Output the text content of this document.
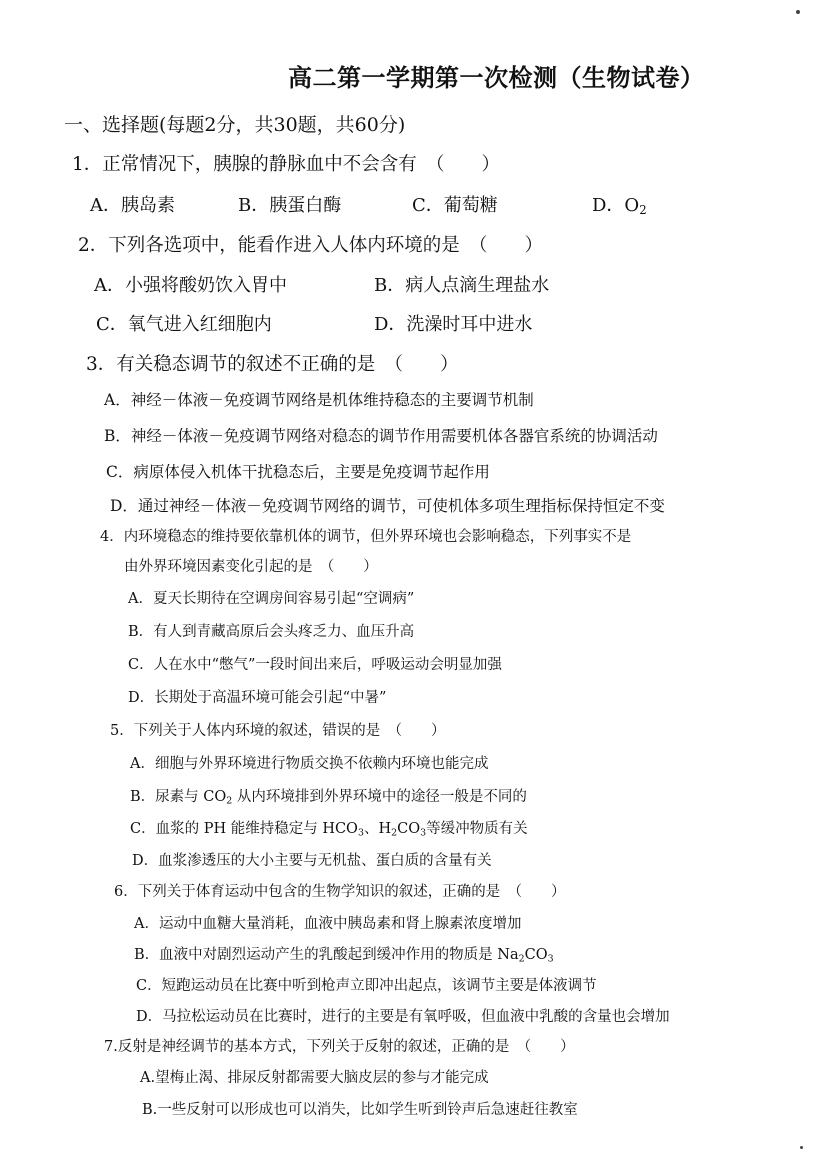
高二第一学期第一次检测（生物试卷）
一、选择题(每题2分，共30题，共60分)
1．正常情况下，胰腺的静脉血中不会含有　（　　）
A．胰岛素	B．胰蛋白酶	C．葡萄糖	D．$O_2$
2．下列各选项中，能看作进入人体内环境的是　（　　）
A．小强将酸奶饮入胃中	B．病人点滴生理盐水
C．氧气进入红细胞内	D．洗澡时耳中进水
3．有关稳态调节的叙述不正确的是　（　　）
A．神经－体液－免疫调节网络是机体维持稳态的主要调节机制
B．神经－体液－免疫调节网络对稳态的调节作用需要机体各器官系统的协调活动
C．病原体侵入机体干扰稳态后，主要是免疫调节起作用
D．通过神经－体液－免疫调节网络的调节，可使机体多项生理指标保持恒定不变
4．内环境稳态的维持要依靠机体的调节，但外界环境也会影响稳态，下列事实不是
由外界环境因素变化引起的是　（　　）
A．夏天长期待在空调房间容易引起“空调病”
B．有人到青藏高原后会头疼乏力、血压升高
C．人在水中“憋气”一段时间出来后，呼吸运动会明显加强
D．长期处于高温环境可能会引起“中暑”
5．下列关于人体内环境的叙述，错误的是　（　　）
A．细胞与外界环境进行物质交换不依赖内环境也能完成
B．尿素与 $CO_2$ 从内环境排到外界环境中的途径一般是不同的
C．血浆的 PH 能维持稳定与 $HCO_3$、$H_2CO_3$等缓冲物质有关
D．血浆渗透压的大小主要与无机盐、蛋白质的含量有关
6．下列关于体育运动中包含的生物学知识的叙述，正确的是　（　　）
A．运动中血糖大量消耗，血液中胰岛素和肾上腺素浓度增加
B．血液中对剧烈运动产生的乳酸起到缓冲作用的物质是 $Na_2CO_3$
C．短跑运动员在比赛中听到枪声立即冲出起点，该调节主要是体液调节
D．马拉松运动员在比赛时，进行的主要是有氧呼吸，但血液中乳酸的含量也会增加
7.反射是神经调节的基本方式，下列关于反射的叙述，正确的是　（　　）
A.望梅止渴、排尿反射都需要大脑皮层的参与才能完成
B.一些反射可以形成也可以消失，比如学生听到铃声后急速赶往教室
